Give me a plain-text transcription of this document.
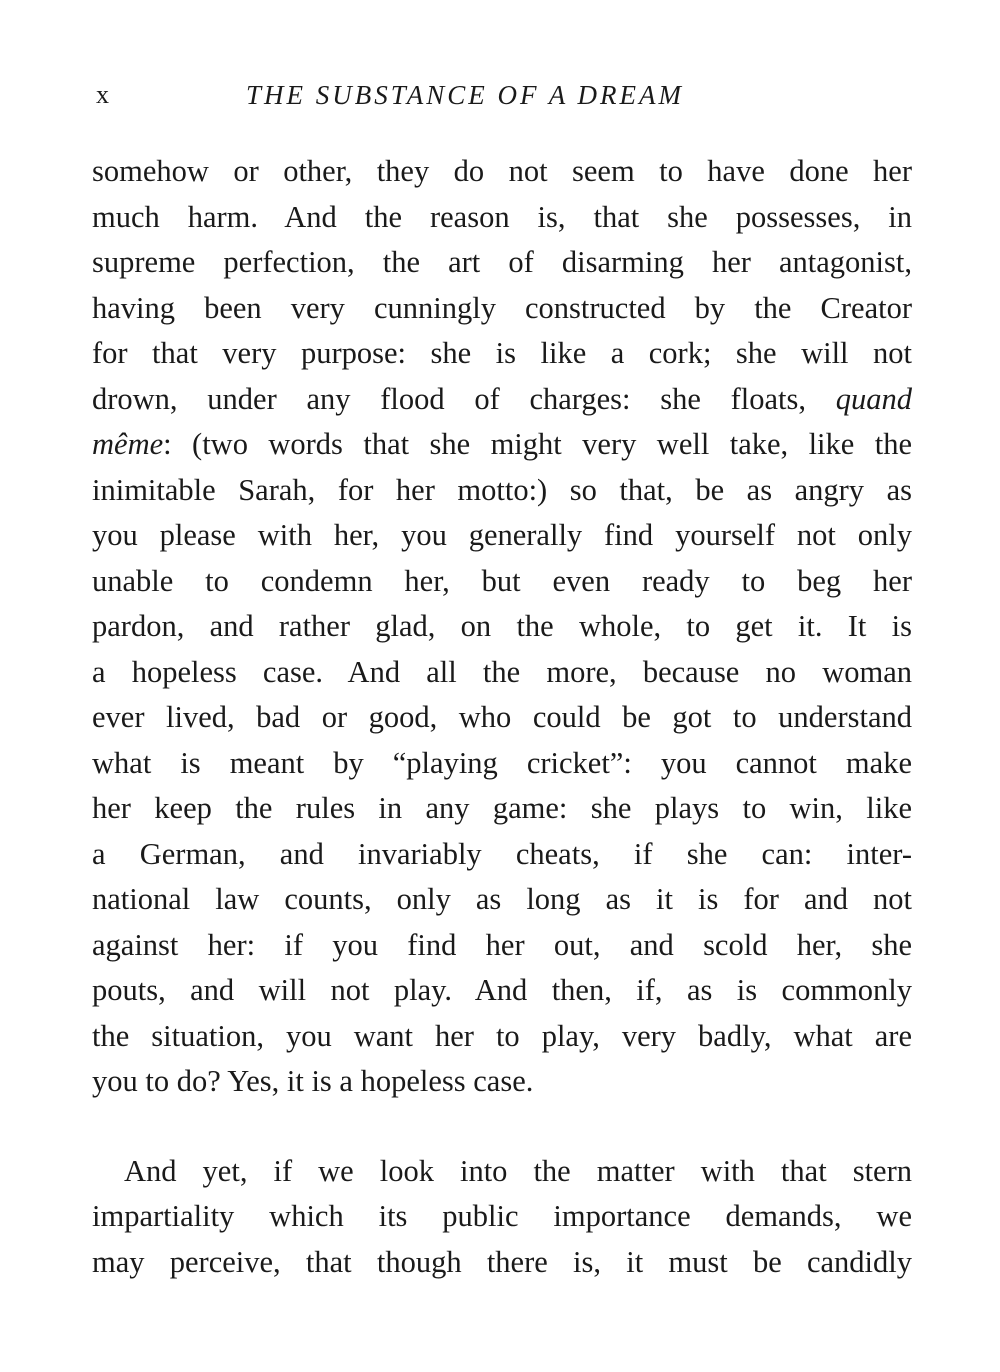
x	THE SUBSTANCE OF A DREAM
somehow or other, they do not seem to have done her
much harm. And the reason is, that she possesses, in
supreme perfection, the art of disarming her antagonist,
having been very cunningly constructed by the Creator
for that very purpose: she is like a cork; she will not
drown, under any flood of charges: she floats, quand
même: (two words that she might very well take, like the
inimitable Sarah, for her motto:) so that, be as angry as
you please with her, you generally find yourself not only
unable to condemn her, but even ready to beg her
pardon, and rather glad, on the whole, to get it. It is
a hopeless case. And all the more, because no woman
ever lived, bad or good, who could be got to understand
what is meant by “playing cricket”: you cannot make
her keep the rules in any game: she plays to win, like
a German, and invariably cheats, if she can: inter-
national law counts, only as long as it is for and not
against her: if you find her out, and scold her, she
pouts, and will not play. And then, if, as is commonly
the situation, you want her to play, very badly, what are
you to do? Yes, it is a hopeless case.
And yet, if we look into the matter with that stern
impartiality which its public importance demands, we
may perceive, that though there is, it must be candidly
